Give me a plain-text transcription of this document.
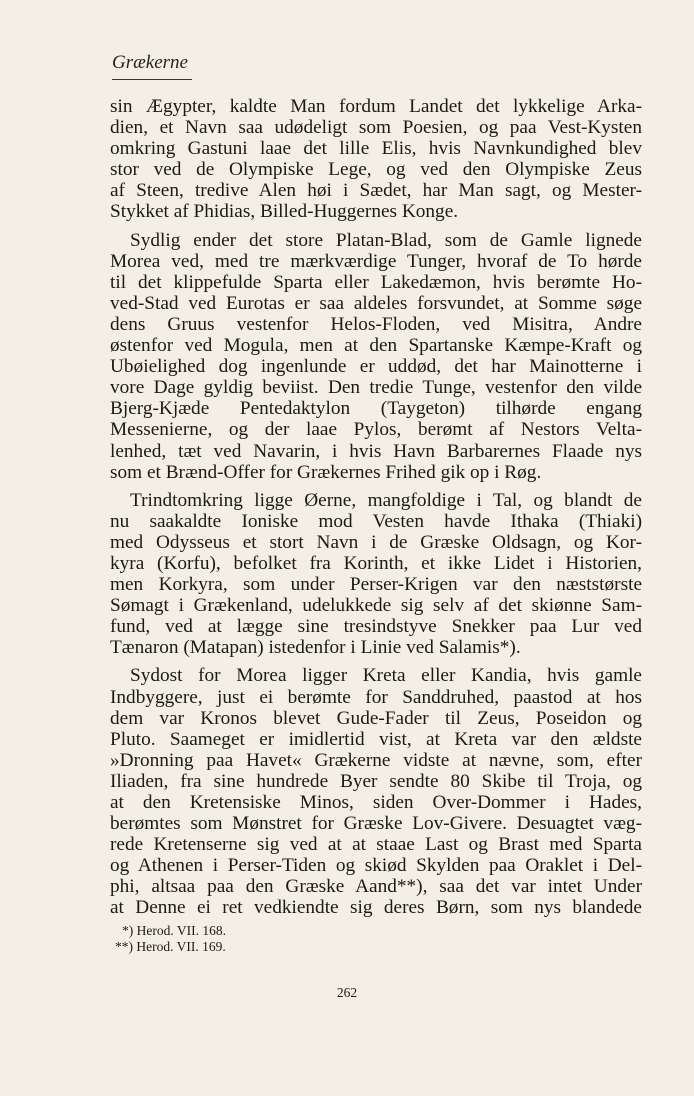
Grækerne
sin Ægypter, kaldte Man fordum Landet det lykkelige Arka-
dien, et Navn saa udødeligt som Poesien, og paa Vest-Kysten
omkring Gastuni laae det lille Elis, hvis Navnkundighed blev
stor ved de Olympiske Lege, og ved den Olympiske Zeus
af Steen, tredive Alen høi i Sædet, har Man sagt, og Mester-
Stykket af Phidias, Billed-Huggernes Konge.
Sydlig ender det store Platan-Blad, som de Gamle lignede
Morea ved, med tre mærkværdige Tunger, hvoraf de To hørde
til det klippefulde Sparta eller Lakedæmon, hvis berømte Ho-
ved-Stad ved Eurotas er saa aldeles forsvundet, at Somme søge
dens Gruus vestenfor Helos-Floden, ved Misitra, Andre
østenfor ved Mogula, men at den Spartanske Kæmpe-Kraft og
Ubøielighed dog ingenlunde er uddød, det har Mainotterne i
vore Dage gyldig beviist. Den tredie Tunge, vestenfor den vilde
Bjerg-Kjæde Pentedaktylon (Taygeton) tilhørde engang
Messenierne, og der laae Pylos, berømt af Nestors Velta-
lenhed, tæt ved Navarin, i hvis Havn Barbarernes Flaade nys
som et Brænd-Offer for Grækernes Frihed gik op i Røg.
Trindtomkring ligge Øerne, mangfoldige i Tal, og blandt de
nu saakaldte Ioniske mod Vesten havde Ithaka (Thiaki)
med Odysseus et stort Navn i de Græske Oldsagn, og Kor-
kyra (Korfu), befolket fra Korinth, et ikke Lidet i Historien,
men Korkyra, som under Perser-Krigen var den næststørste
Sømagt i Grækenland, udelukkede sig selv af det skiønne Sam-
fund, ved at lægge sine tresindstyve Snekker paa Lur ved
Tænaron (Matapan) istedenfor i Linie ved Salamis*).
Sydost for Morea ligger Kreta eller Kandia, hvis gamle
Indbyggere, just ei berømte for Sanddruhed, paastod at hos
dem var Kronos blevet Gude-Fader til Zeus, Poseidon og
Pluto. Saameget er imidlertid vist, at Kreta var den ældste
»Dronning paa Havet« Grækerne vidste at nævne, som, efter
Iliaden, fra sine hundrede Byer sendte 80 Skibe til Troja, og
at den Kretensiske Minos, siden Over-Dommer i Hades,
berømtes som Mønstret for Græske Lov-Givere. Desuagtet væg-
rede Kretenserne sig ved at at staae Last og Brast med Sparta
og Athenen i Perser-Tiden og skiød Skylden paa Oraklet i Del-
phi, altsaa paa den Græske Aand**), saa det var intet Under
at Denne ei ret vedkiendte sig deres Børn, som nys blandede
*) Herod. VII. 168.
**) Herod. VII. 169.
262
